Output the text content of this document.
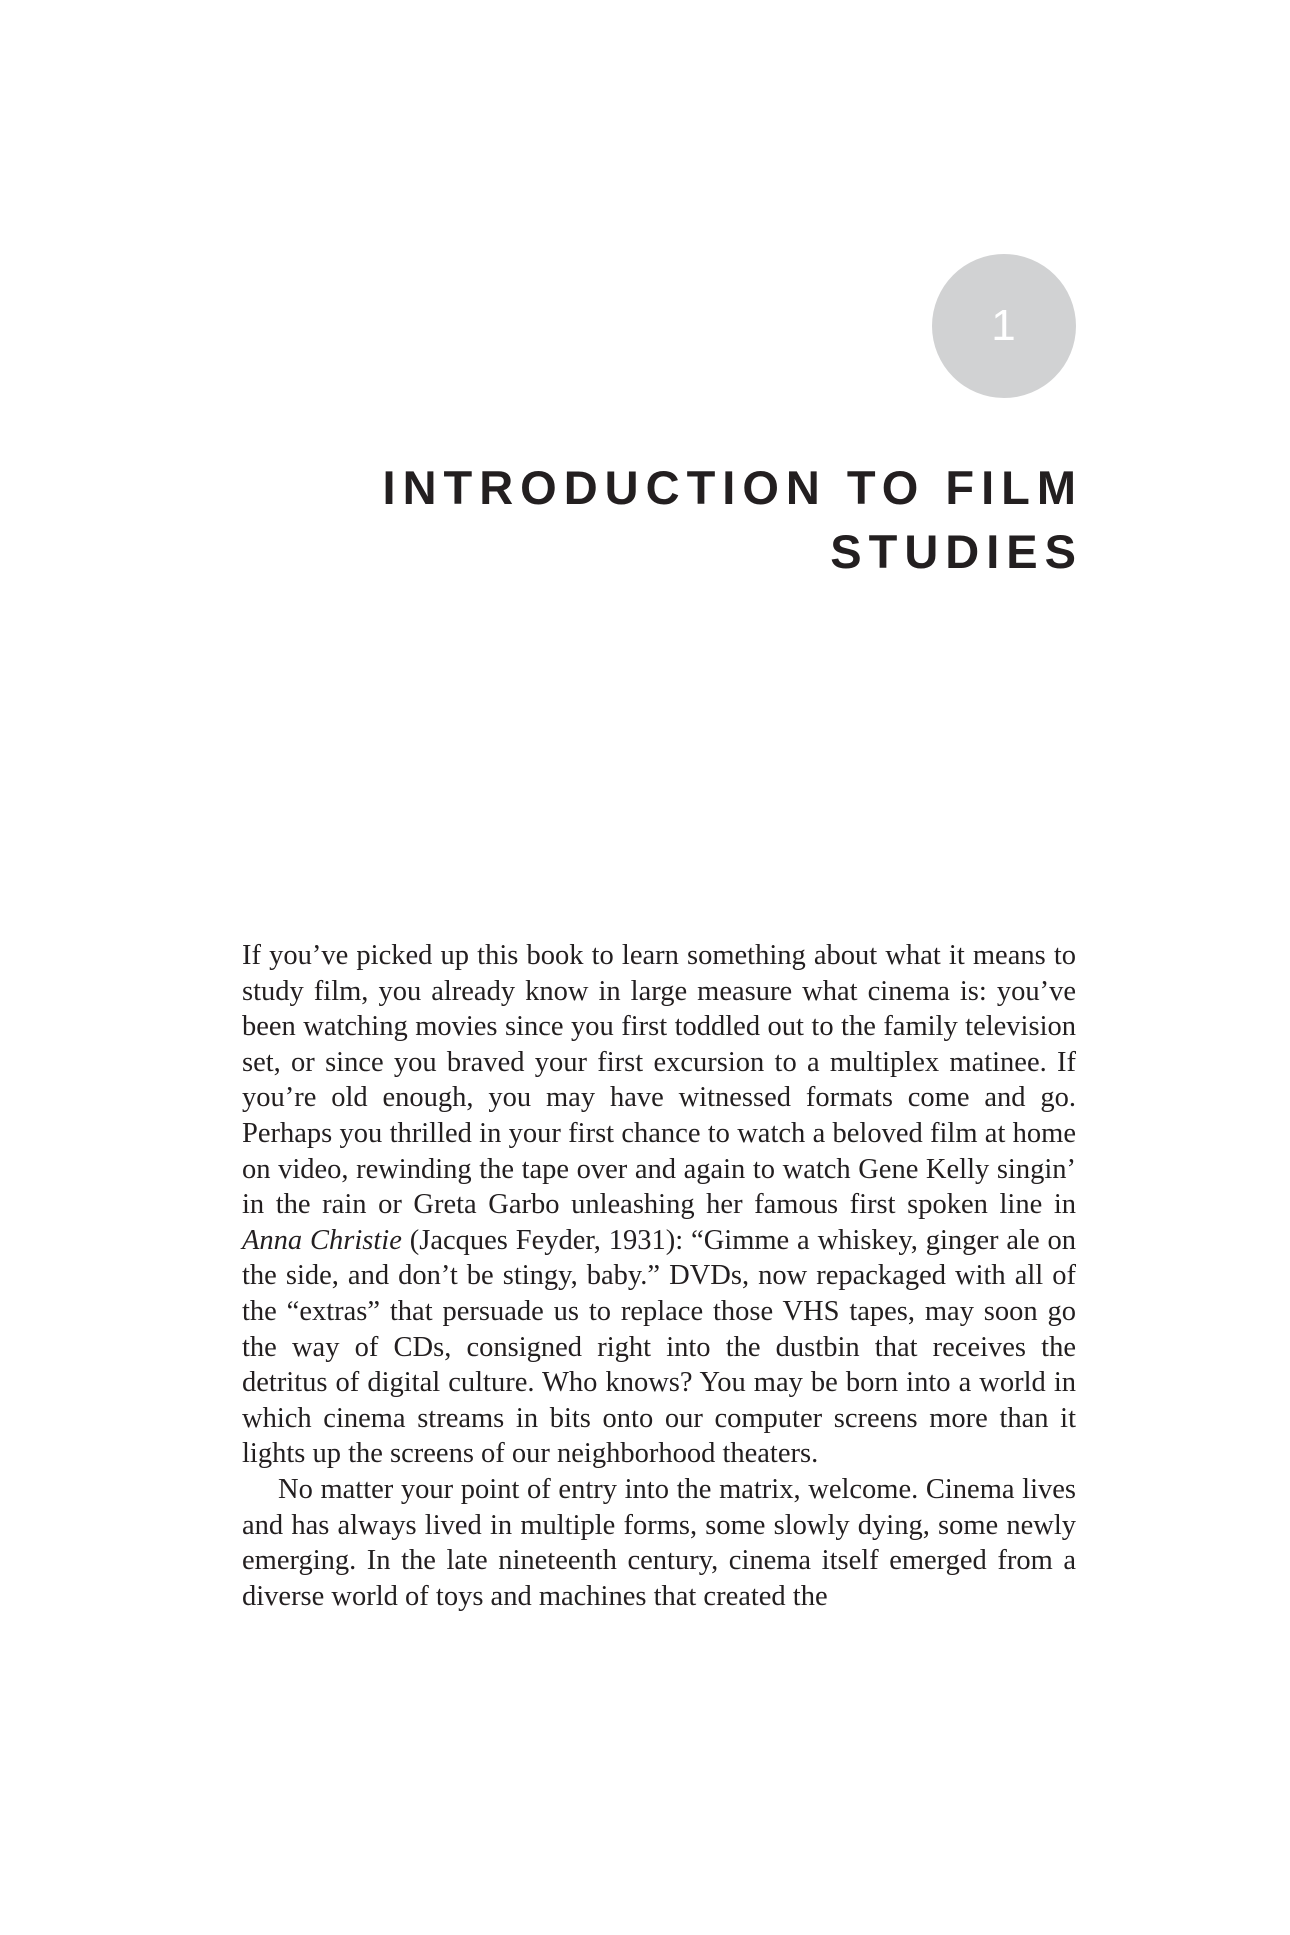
1
INTRODUCTION TO FILM
STUDIES

If you’ve picked up this book to learn something about what it means to study film, you already know in large measure what cinema is: you’ve been watching movies since you first toddled out to the family television set, or since you braved your first excursion to a multiplex matinee. If you’re old enough, you may have witnessed formats come and go. Perhaps you thrilled in your first chance to watch a beloved film at home on video, rewinding the tape over and again to watch Gene Kelly singin’ in the rain or Greta Garbo unleashing her famous first spoken line in Anna Christie (Jacques Feyder, 1931): “Gimme a whiskey, ginger ale on the side, and don’t be stingy, baby.” DVDs, now repackaged with all of the “extras” that persuade us to replace those VHS tapes, may soon go the way of CDs, consigned right into the dustbin that receives the detritus of digital culture. Who knows? You may be born into a world in which cinema streams in bits onto our computer screens more than it lights up the screens of our neighborhood theaters.

No matter your point of entry into the matrix, welcome. Cinema lives and has always lived in multiple forms, some slowly dying, some newly emerging. In the late nineteenth century, cinema itself emerged from a diverse world of toys and machines that created the
